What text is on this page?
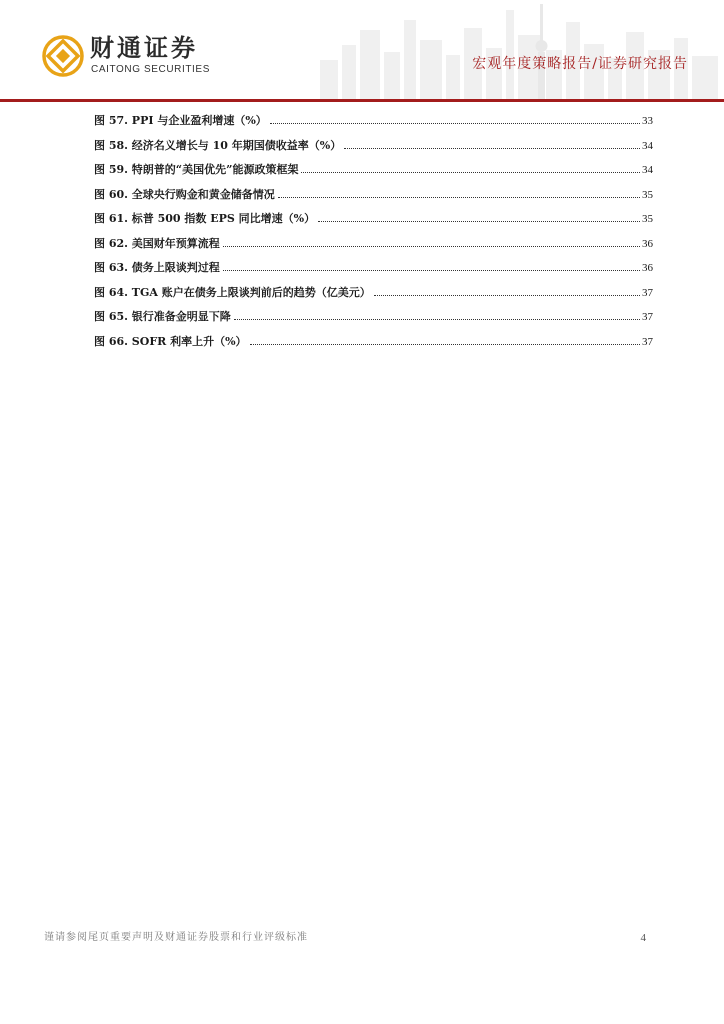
财通证券
CAITONG SECURITIES	宏观年度策略报告/证券研究报告
图 57. PPI 与企业盈利增速（%）	33
图 58. 经济名义增长与 10 年期国债收益率（%）	34
图 59. 特朗普的“美国优先”能源政策框架	34
图 60. 全球央行购金和黄金储备情况	35
图 61. 标普 500 指数 EPS 同比增速（%）	35
图 62. 美国财年预算流程	36
图 63. 债务上限谈判过程	36
图 64. TGA 账户在债务上限谈判前后的趋势（亿美元）	37
图 65. 银行准备金明显下降	37
图 66. SOFR 利率上升（%）	37
谨请参阅尾页重要声明及财通证券股票和行业评级标准	4
